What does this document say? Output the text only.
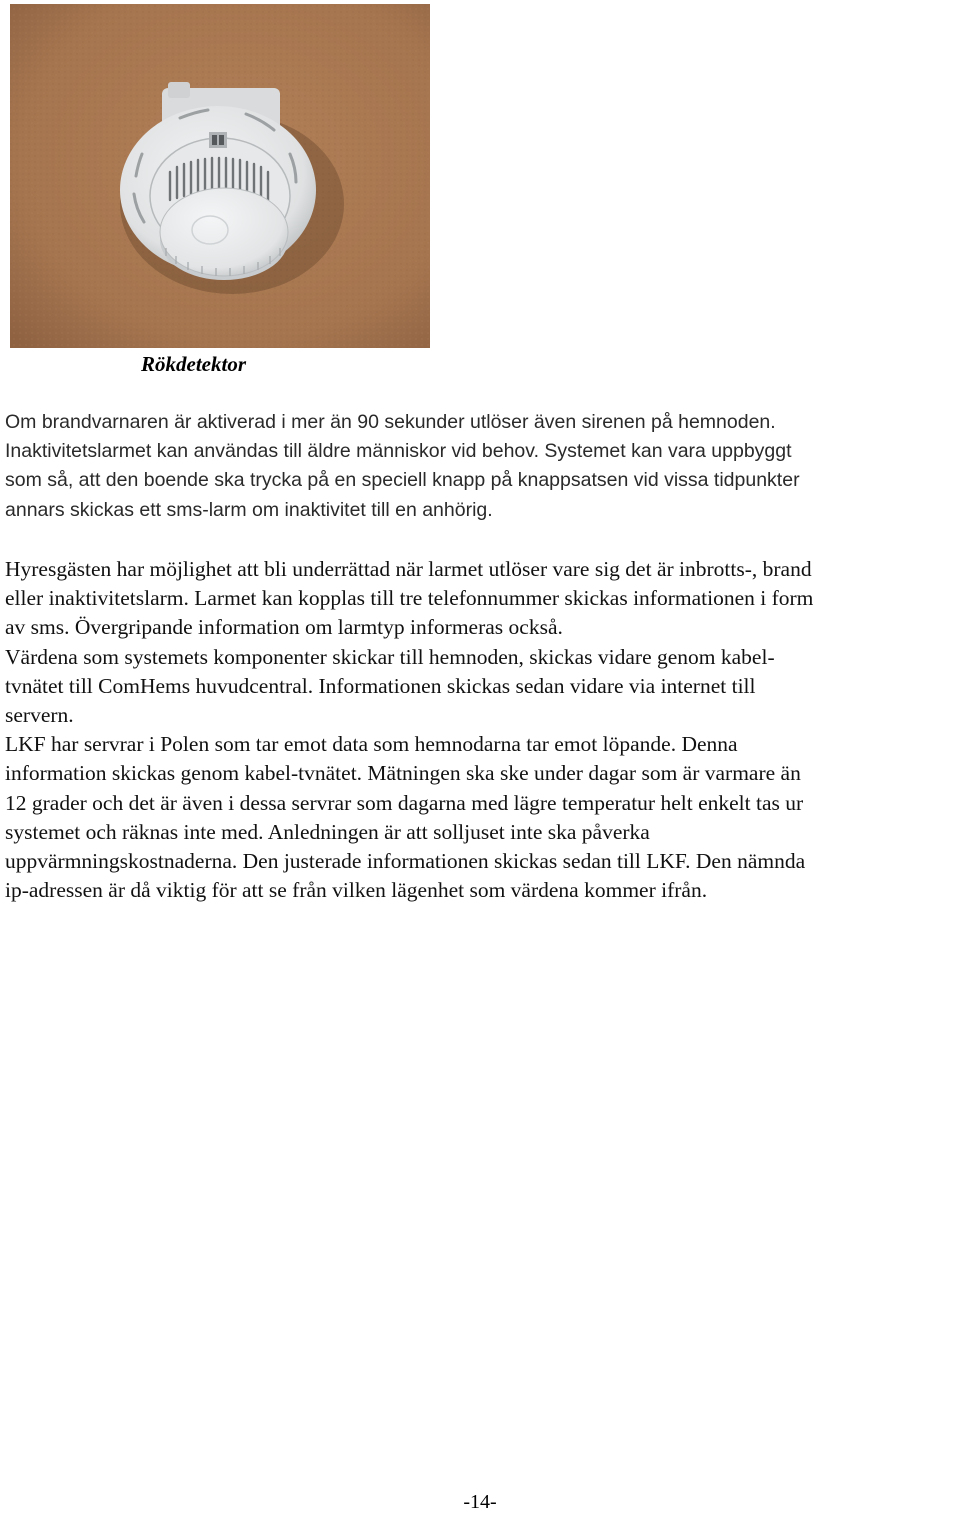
Rökdetektor

Om brandvarnaren är aktiverad i mer än 90 sekunder utlöser även sirenen på hemnoden.
Inaktivitetslarmet kan användas till äldre människor vid behov. Systemet kan vara uppbyggt
som så, att den boende ska trycka på en speciell knapp på knappsatsen vid vissa tidpunkter
annars skickas ett sms-larm om inaktivitet till en anhörig.

Hyresgästen har möjlighet att bli underrättad när larmet utlöser vare sig det är inbrotts-, brand
eller inaktivitetslarm. Larmet kan kopplas till tre telefonnummer skickas informationen i form
av sms. Övergripande information om larmtyp informeras också.
Värdena som systemets komponenter skickar till hemnoden, skickas vidare genom kabel-
tvnätet till ComHems huvudcentral. Informationen skickas sedan vidare via internet till
servern.
LKF har servrar i Polen som tar emot data som hemnodarna tar emot löpande. Denna
information skickas genom kabel-tvnätet. Mätningen ska ske under dagar som är varmare än
12 grader och det är även i dessa servrar som dagarna med lägre temperatur helt enkelt tas ur
systemet och räknas inte med. Anledningen är att solljuset inte ska påverka
uppvärmningskostnaderna. Den justerade informationen skickas sedan till LKF. Den nämnda
ip-adressen är då viktig för att se från vilken lägenhet som värdena kommer ifrån.

-14-
